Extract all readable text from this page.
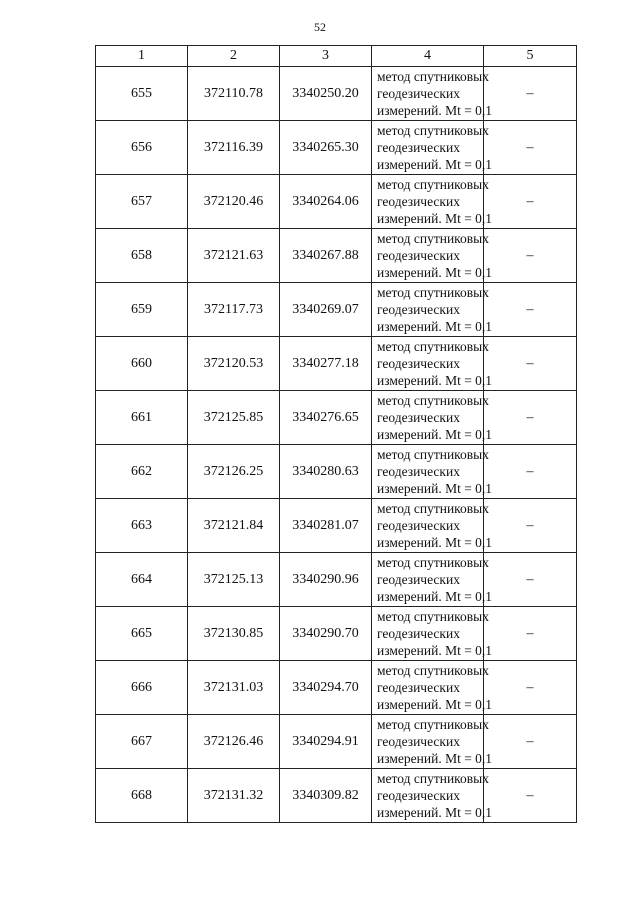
52
1	2	3	4	5
655	372110.78	3340250.20	метод спутниковых
геодезических
измерений. Mt = 0,1	–
656	372116.39	3340265.30	метод спутниковых
геодезических
измерений. Mt = 0,1	–
657	372120.46	3340264.06	метод спутниковых
геодезических
измерений. Mt = 0,1	–
658	372121.63	3340267.88	метод спутниковых
геодезических
измерений. Mt = 0,1	–
659	372117.73	3340269.07	метод спутниковых
геодезических
измерений. Mt = 0,1	–
660	372120.53	3340277.18	метод спутниковых
геодезических
измерений. Mt = 0,1	–
661	372125.85	3340276.65	метод спутниковых
геодезических
измерений. Mt = 0,1	–
662	372126.25	3340280.63	метод спутниковых
геодезических
измерений. Mt = 0,1	–
663	372121.84	3340281.07	метод спутниковых
геодезических
измерений. Mt = 0,1	–
664	372125.13	3340290.96	метод спутниковых
геодезических
измерений. Mt = 0,1	–
665	372130.85	3340290.70	метод спутниковых
геодезических
измерений. Mt = 0,1	–
666	372131.03	3340294.70	метод спутниковых
геодезических
измерений. Mt = 0,1	–
667	372126.46	3340294.91	метод спутниковых
геодезических
измерений. Mt = 0,1	–
668	372131.32	3340309.82	метод спутниковых
геодезических
измерений. Mt = 0,1	–
